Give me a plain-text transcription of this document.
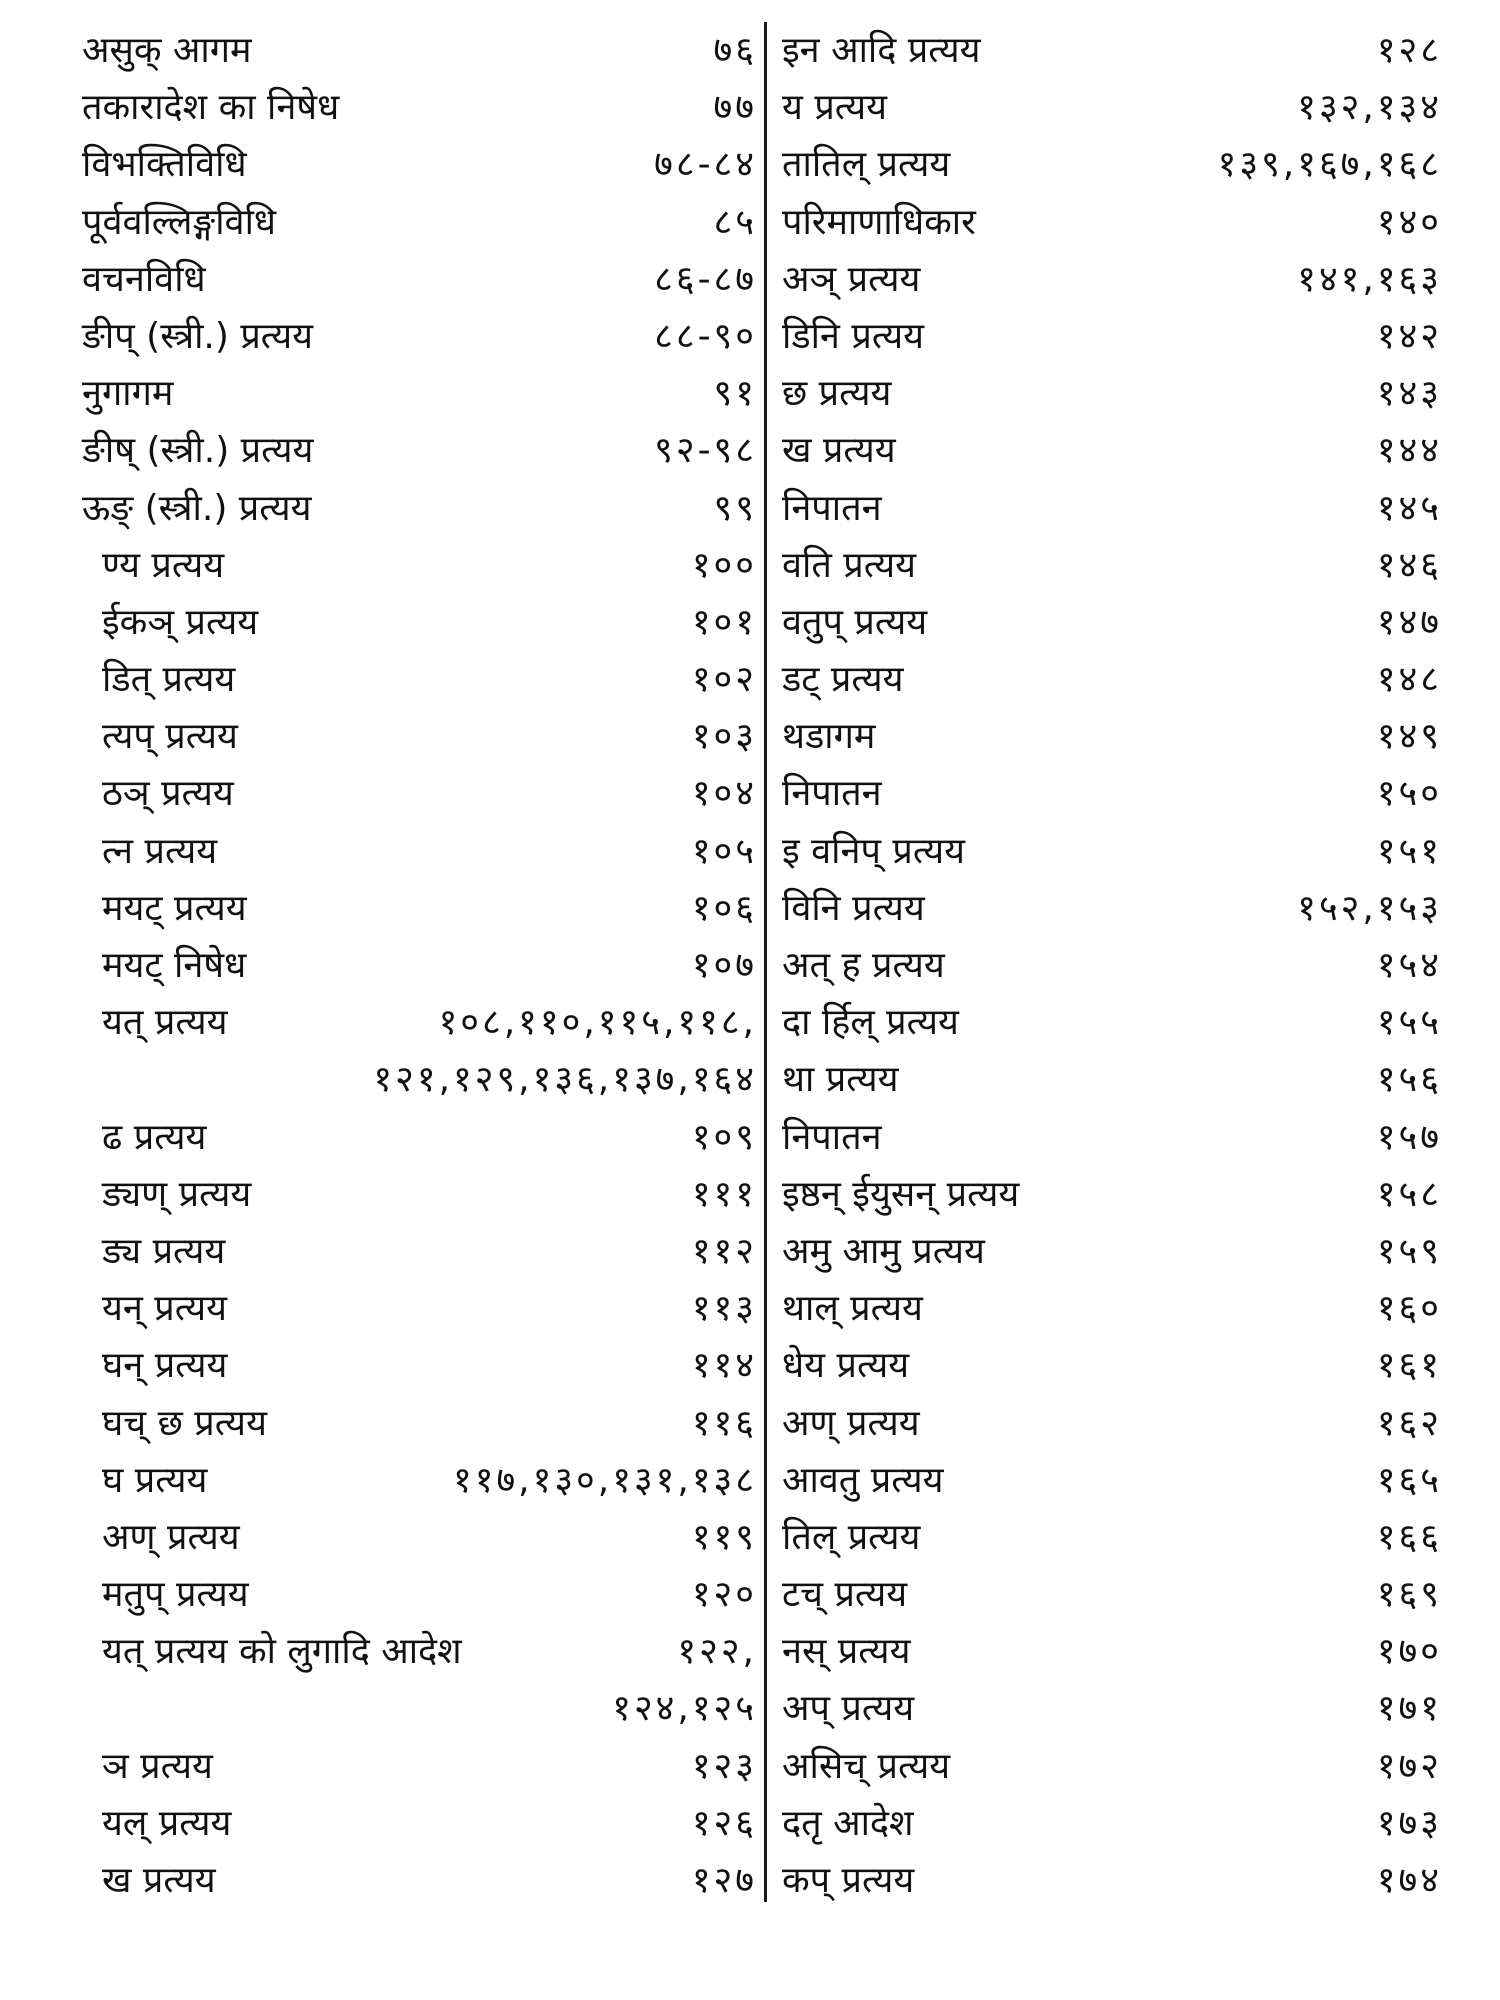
असुक् आगम	७६
तकारादेश का निषेध	७७
विभक्तिविधि	७८-८४
पूर्ववल्लिङ्गविधि	८५
वचनविधि	८६-८७
ङीप् (स्त्री.) प्रत्यय	८८-९०
नुगागम	९१
ङीष् (स्त्री.) प्रत्यय	९२-९८
ऊङ् (स्त्री.) प्रत्यय	९९
ण्य प्रत्यय	१००
ईकञ् प्रत्यय	१०१
डित् प्रत्यय	१०२
त्यप् प्रत्यय	१०३
ठञ् प्रत्यय	१०४
त्न प्रत्यय	१०५
मयट् प्रत्यय	१०६
मयट् निषेध	१०७
यत् प्रत्यय	१०८,११०,११५,११८,
१२१,१२९,१३६,१३७,१६४
ढ प्रत्यय	१०९
ड्यण् प्रत्यय	१११
ड्य प्रत्यय	११२
यन् प्रत्यय	११३
घन् प्रत्यय	११४
घच् छ प्रत्यय	११६
घ प्रत्यय	११७,१३०,१३१,१३८
अण् प्रत्यय	११९
मतुप् प्रत्यय	१२०
यत् प्रत्यय को लुगादि आदेश	१२२,
१२४,१२५
ञ प्रत्यय	१२३
यल् प्रत्यय	१२६
ख प्रत्यय	१२७
इन आदि प्रत्यय	१२८
य प्रत्यय	१३२,१३४
तातिल् प्रत्यय	१३९,१६७,१६८
परिमाणाधिकार	१४०
अञ् प्रत्यय	१४१,१६३
डिनि प्रत्यय	१४२
छ प्रत्यय	१४३
ख प्रत्यय	१४४
निपातन	१४५
वति प्रत्यय	१४६
वतुप् प्रत्यय	१४७
डट् प्रत्यय	१४८
थडागम	१४९
निपातन	१५०
इ वनिप् प्रत्यय	१५१
विनि प्रत्यय	१५२,१५३
अत् ह प्रत्यय	१५४
दा र्हिल् प्रत्यय	१५५
था प्रत्यय	१५६
निपातन	१५७
इष्ठन् ईयुसन् प्रत्यय	१५८
अमु आमु प्रत्यय	१५९
थाल् प्रत्यय	१६०
धेय प्रत्यय	१६१
अण् प्रत्यय	१६२
आवतु प्रत्यय	१६५
तिल् प्रत्यय	१६६
टच् प्रत्यय	१६९
नस् प्रत्यय	१७०
अप् प्रत्यय	१७१
असिच् प्रत्यय	१७२
दतृ आदेश	१७३
कप् प्रत्यय	१७४
